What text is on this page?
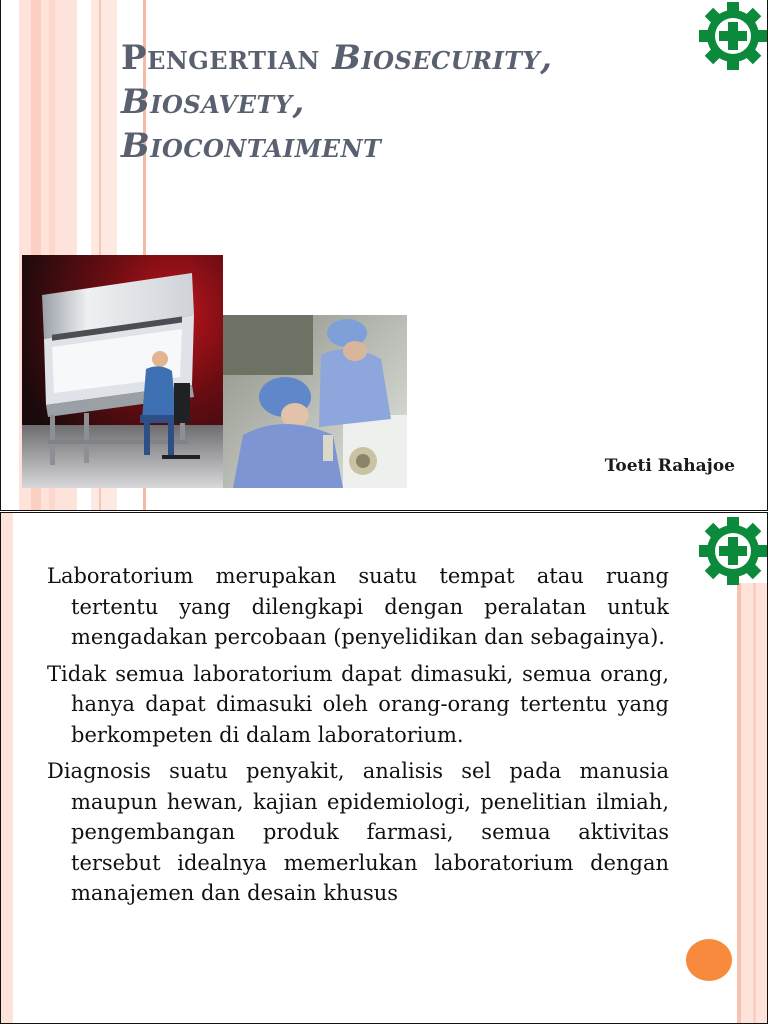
Pengertian Biosecurity,
Biosavety,
Biocontaiment
Toeti Rahajoe

Laboratorium merupakan suatu tempat atau ruang tertentu yang dilengkapi dengan peralatan untuk mengadakan percobaan (penyelidikan dan sebagainya).

Tidak semua laboratorium dapat dimasuki, semua orang, hanya dapat dimasuki oleh orang-orang tertentu yang berkompeten di dalam laboratorium.

Diagnosis suatu penyakit, analisis sel pada manusia maupun hewan, kajian epidemiologi, penelitian ilmiah, pengembangan produk farmasi, semua aktivitas tersebut idealnya memerlukan laboratorium dengan manajemen dan desain khusus
